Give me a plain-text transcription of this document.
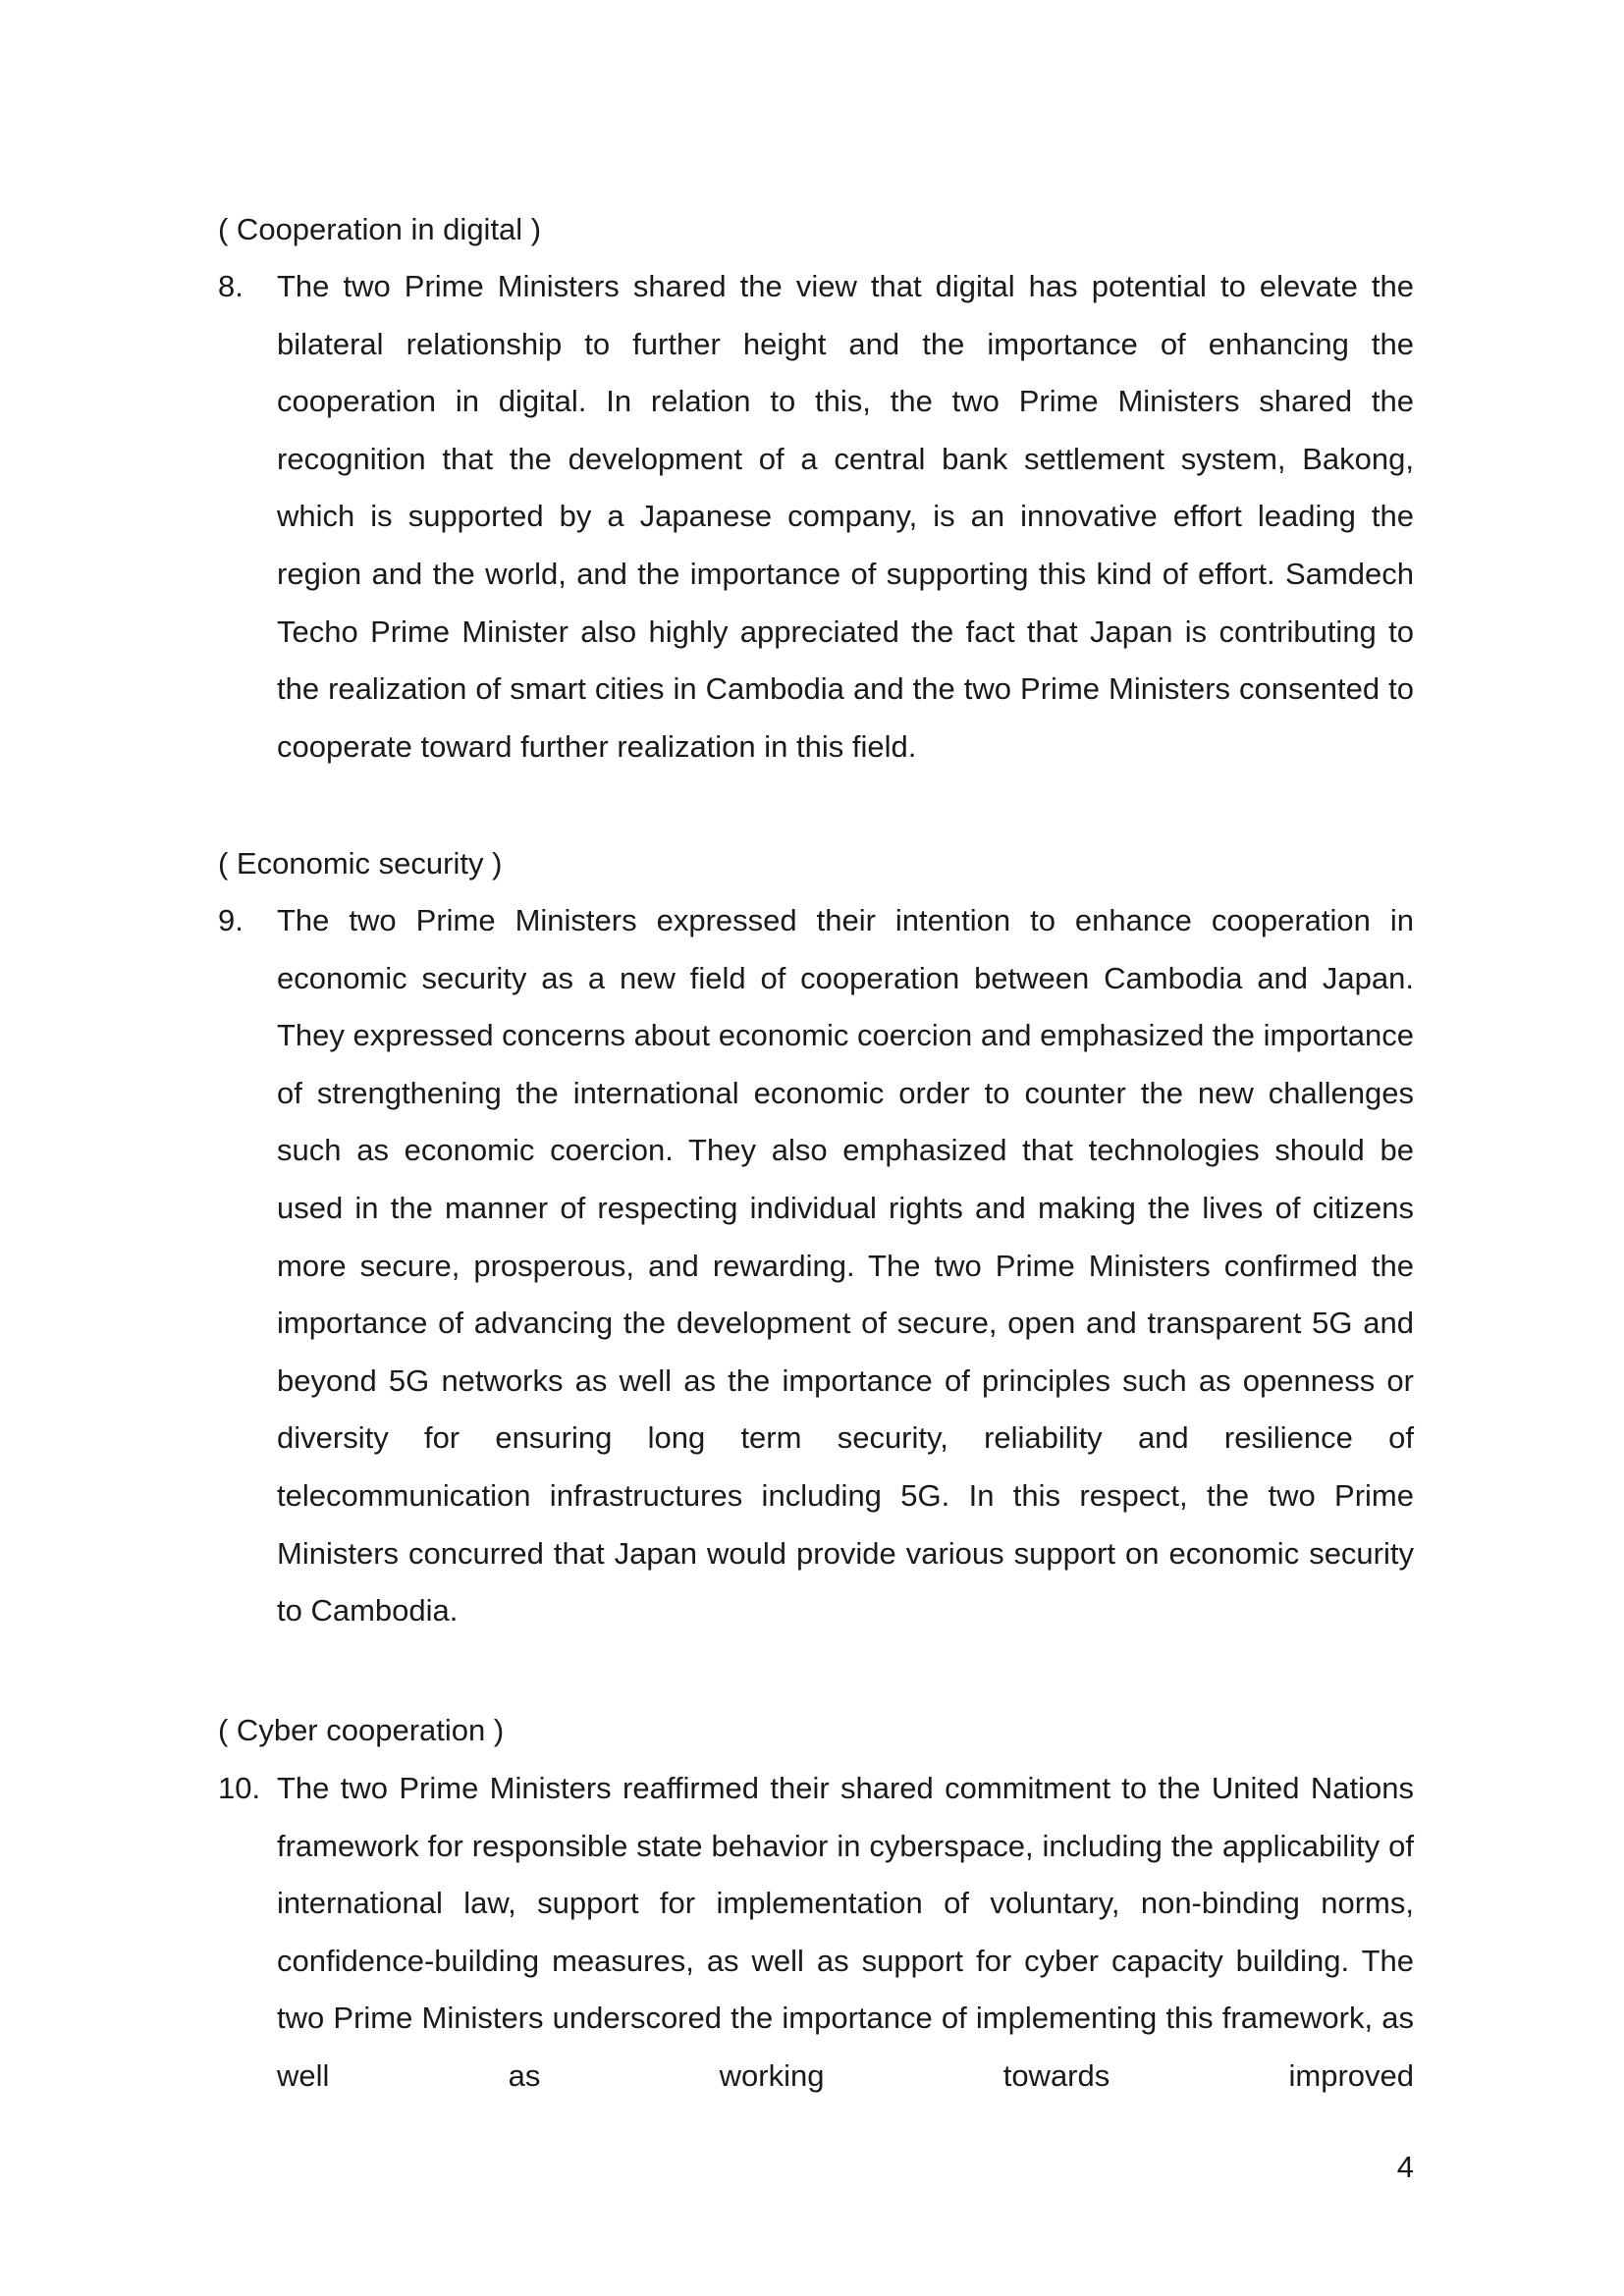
( Cooperation in digital )
8. The two Prime Ministers shared the view that digital has potential to elevate the bilateral relationship to further height and the importance of enhancing the cooperation in digital. In relation to this, the two Prime Ministers shared the recognition that the development of a central bank settlement system, Bakong, which is supported by a Japanese company, is an innovative effort leading the region and the world, and the importance of supporting this kind of effort. Samdech Techo Prime Minister also highly appreciated the fact that Japan is contributing to the realization of smart cities in Cambodia and the two Prime Ministers consented to cooperate toward further realization in this field.
( Economic security )
9. The two Prime Ministers expressed their intention to enhance cooperation in economic security as a new field of cooperation between Cambodia and Japan. They expressed concerns about economic coercion and emphasized the importance of strengthening the international economic order to counter the new challenges such as economic coercion. They also emphasized that technologies should be used in the manner of respecting individual rights and making the lives of citizens more secure, prosperous, and rewarding. The two Prime Ministers confirmed the importance of advancing the development of secure, open and transparent 5G and beyond 5G networks as well as the importance of principles such as openness or diversity for ensuring long term security, reliability and resilience of telecommunication infrastructures including 5G. In this respect, the two Prime Ministers concurred that Japan would provide various support on economic security to Cambodia.
( Cyber cooperation )
10. The two Prime Ministers reaffirmed their shared commitment to the United Nations framework for responsible state behavior in cyberspace, including the applicability of international law, support for implementation of voluntary, non-binding norms, confidence-building measures, as well as support for cyber capacity building. The two Prime Ministers underscored the importance of implementing this framework, as well as working towards improved
4
